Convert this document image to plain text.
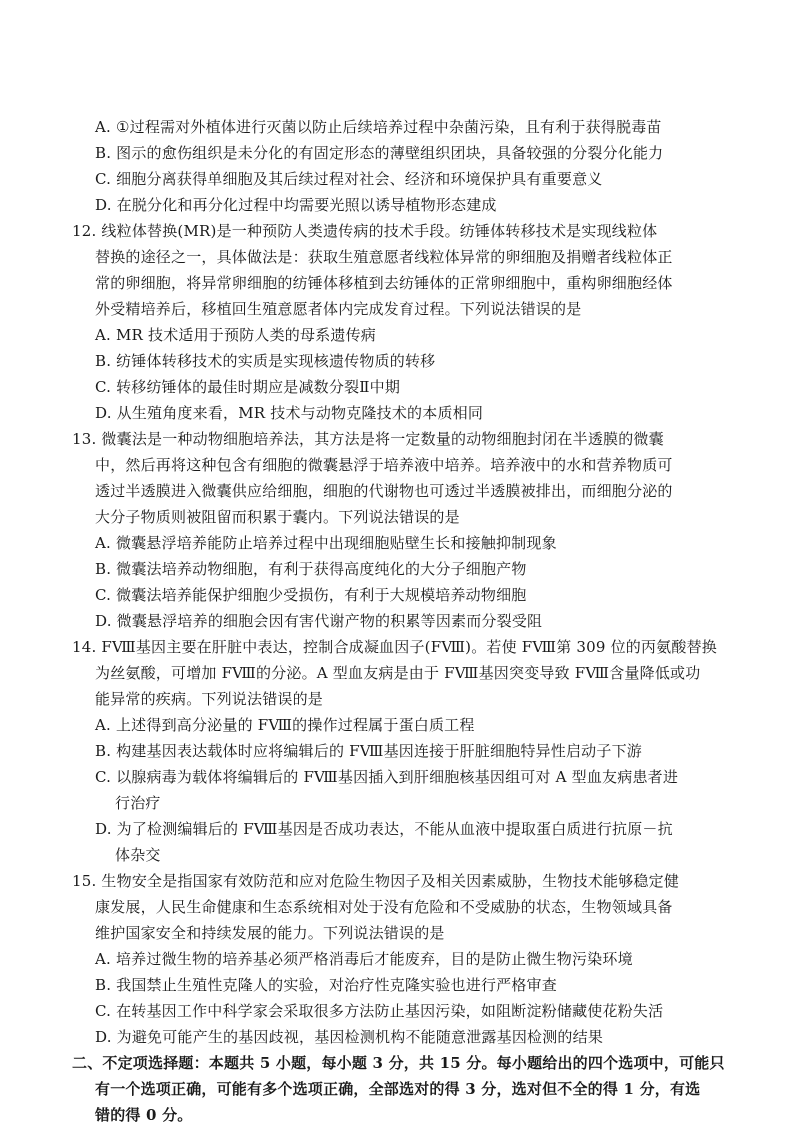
A. ①过程需对外植体进行灭菌以防止后续培养过程中杂菌污染，且有利于获得脱毒苗
B. 图示的愈伤组织是未分化的有固定形态的薄壁组织团块，具备较强的分裂分化能力
C. 细胞分离获得单细胞及其后续过程对社会、经济和环境保护具有重要意义
D. 在脱分化和再分化过程中均需要光照以诱导植物形态建成
12. 线粒体替换(MR)是一种预防人类遗传病的技术手段。纺锤体转移技术是实现线粒体
替换的途径之一，具体做法是：获取生殖意愿者线粒体异常的卵细胞及捐赠者线粒体正
常的卵细胞，将异常卵细胞的纺锤体移植到去纺锤体的正常卵细胞中，重构卵细胞经体
外受精培养后，移植回生殖意愿者体内完成发育过程。下列说法错误的是
A. MR 技术适用于预防人类的母系遗传病
B. 纺锤体转移技术的实质是实现核遗传物质的转移
C. 转移纺锤体的最佳时期应是减数分裂Ⅱ中期
D. 从生殖角度来看，MR 技术与动物克隆技术的本质相同
13. 微囊法是一种动物细胞培养法，其方法是将一定数量的动物细胞封闭在半透膜的微囊
中，然后再将这种包含有细胞的微囊悬浮于培养液中培养。培养液中的水和营养物质可
透过半透膜进入微囊供应给细胞，细胞的代谢物也可透过半透膜被排出，而细胞分泌的
大分子物质则被阻留而积累于囊内。下列说法错误的是
A. 微囊悬浮培养能防止培养过程中出现细胞贴壁生长和接触抑制现象
B. 微囊法培养动物细胞，有利于获得高度纯化的大分子细胞产物
C. 微囊法培养能保护细胞少受损伤，有利于大规模培养动物细胞
D. 微囊悬浮培养的细胞会因有害代谢产物的积累等因素而分裂受阻
14. FⅧ基因主要在肝脏中表达，控制合成凝血因子(FⅧ)。若使 FⅧ第 309 位的丙氨酸替换
为丝氨酸，可增加 FⅧ的分泌。A 型血友病是由于 FⅧ基因突变导致 FⅧ含量降低或功
能异常的疾病。下列说法错误的是
A. 上述得到高分泌量的 FⅧ的操作过程属于蛋白质工程
B. 构建基因表达载体时应将编辑后的 FⅧ基因连接于肝脏细胞特异性启动子下游
C. 以腺病毒为载体将编辑后的 FⅧ基因插入到肝细胞核基因组可对 A 型血友病患者进
行治疗
D. 为了检测编辑后的 FⅧ基因是否成功表达，不能从血液中提取蛋白质进行抗原－抗
体杂交
15. 生物安全是指国家有效防范和应对危险生物因子及相关因素威胁，生物技术能够稳定健
康发展，人民生命健康和生态系统相对处于没有危险和不受威胁的状态，生物领域具备
维护国家安全和持续发展的能力。下列说法错误的是
A. 培养过微生物的培养基必须严格消毒后才能废弃，目的是防止微生物污染环境
B. 我国禁止生殖性克隆人的实验，对治疗性克隆实验也进行严格审查
C. 在转基因工作中科学家会采取很多方法防止基因污染，如阻断淀粉储藏使花粉失活
D. 为避免可能产生的基因歧视，基因检测机构不能随意泄露基因检测的结果
二、不定项选择题：本题共 5 小题，每小题 3 分，共 15 分。每小题给出的四个选项中，可能只
有一个选项正确，可能有多个选项正确，全部选对的得 3 分，选对但不全的得 1 分，有选
错的得 0 分。
